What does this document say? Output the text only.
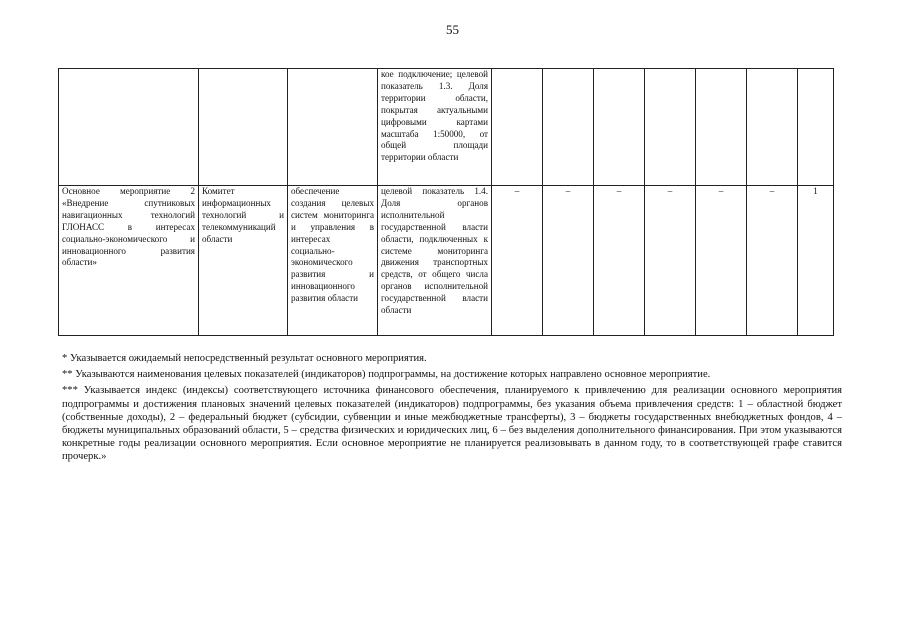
55
			кое подключение; целевой показатель 1.3. Доля территории области, покрытая актуальными цифровыми картами масштаба 1:50000, от общей площади территории области							
Основное мероприятие 2 «Внедрение спутниковых навигационных технологий ГЛОНАСС в интересах социально-экономического и инновационного развития области»	Комитет информационных технологий и телекоммуникаций области	обеспечение создания целевых систем мониторинга и управления в интересах социально-экономического развития и инновационного развития области	целевой показатель 1.4. Доля органов исполнительной государственной власти области, подключенных к системе мониторинга движения транспортных средств, от общего числа органов исполнительной государственной власти области	–	–	–	–	–	–	1

* Указывается ожидаемый непосредственный результат основного мероприятия.

** Указываются наименования целевых показателей (индикаторов) подпрограммы, на достижение которых направлено основное мероприятие.

*** Указывается индекс (индексы) соответствующего источника финансового обеспечения, планируемого к привлечению для реализации основного мероприятия подпрограммы и достижения плановых значений целевых показателей (индикаторов) подпрограммы, без указания объема привлечения средств: 1 – областной бюджет (собственные доходы), 2 – федеральный бюджет (субсидии, субвенции и иные межбюджетные трансферты), 3 – бюджеты государственных внебюджетных фондов, 4 – бюджеты муниципальных образований области, 5 – средства физических и юридических лиц, 6 – без выделения дополнительного финансирования. При этом указываются конкретные годы реализации основного мероприятия. Если основное мероприятие не планируется реализовывать в данном году, то в соответствующей графе ставится прочерк.»
